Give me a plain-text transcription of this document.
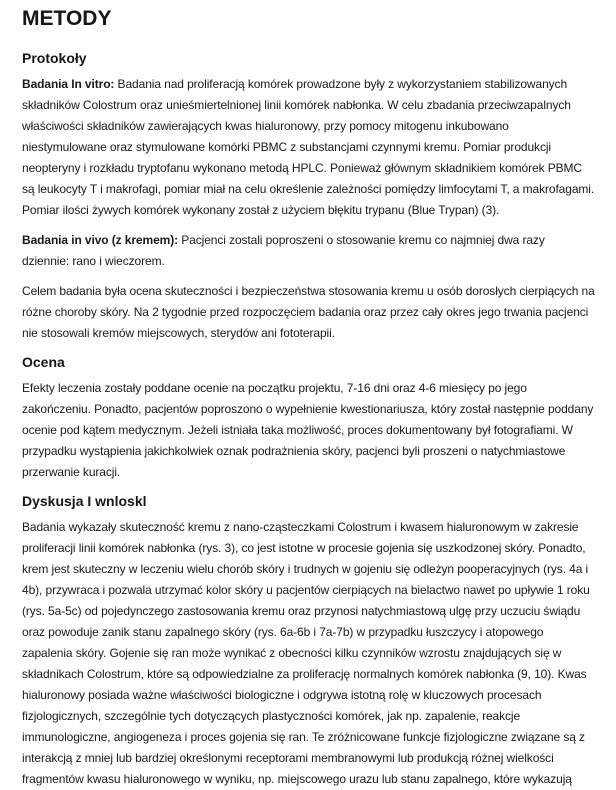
METODY
Protokoły

Badania In vitro: Badania nad proliferacją komórek prowadzone były z wykorzystaniem stabilizowanych składników Colostrum oraz unieśmiertelnionej linii komórek nabłonka. W celu zbadania przeciwzapalnych właściwości składników zawierających kwas hialuronowy, przy pomocy mitogenu inkubowano niestymulowane oraz stymulowane komórki PBMC z substancjami czynnymi kremu. Pomiar produkcji neopteryny i rozkładu tryptofanu wykonano metodą HPLC. Ponieważ głównym składnikiem komórek PBMC są leukocyty T i makrofagi, pomiar miał na celu określenie zależności pomiędzy limfocytami T, a makrofagami. Pomiar ilości żywych komórek wykonany został z użyciem błękitu trypanu (Blue Trypan) (3).

Badania in vivo (z kremem): Pacjenci zostali poproszeni o stosowanie kremu co najmniej dwa razy dziennie: rano i wieczorem.

Celem badania była ocena skuteczności i bezpieczeństwa stosowania kremu u osób dorosłych cierpiących na różne choroby skóry. Na 2 tygodnie przed rozpoczęciem badania oraz przez cały okres jego trwania pacjenci nie stosowali kremów miejscowych, sterydów ani fototerapii.

Ocena

Efekty leczenia zostały poddane ocenie na początku projektu, 7-16 dni oraz 4-6 miesięcy po jego zakończeniu. Ponadto, pacjentów poproszono o wypełnienie kwestionariusza, który został następnie poddany ocenie pod kątem medycznym. Jeżeli istniała taka możliwość, proces dokumentowany był fotografiami. W przypadku wystąpienia jakichkolwiek oznak podrażnienia skóry, pacjenci byli proszeni o natychmiastowe przerwanie kuracji.

Dyskusja I wnloskl

Badania wykazały skuteczność kremu z nano-cząsteczkami Colostrum i kwasem hialuronowym w zakresie proliferacji linii komórek nabłonka (rys. 3), co jest istotne w procesie gojenia się uszkodzonej skóry. Ponadto, krem jest skuteczny w leczeniu wielu chorób skóry i trudnych w gojeniu się odleżyn pooperacyjnych (rys. 4a i 4b), przywraca i pozwala utrzymać kolor skóry u pacjentów cierpiących na bielactwo nawet po upływie 1 roku (rys. 5a-5c) od pojedynczego zastosowania kremu oraz przynosi natychmiastową ulgę przy uczuciu świądu oraz powoduje zanik stanu zapalnego skóry (rys. 6a-6b i 7a-7b) w przypadku łuszczycy i atopowego zapalenia skóry. Gojenie się ran może wynikać z obecności kilku czynników wzrostu znajdujących się w składnikach Colostrum, które są odpowiedzialne za proliferację normalnych komórek nabłonka (9, 10). Kwas hialuronowy posiada ważne właściwości biologiczne i odgrywa istotną rolę w kluczowych procesach fizjologicznych, szczególnie tych dotyczących plastyczności komórek, jak np. zapalenie, reakcje immunologiczne, angiogeneza i proces gojenia się ran. Te zróżnicowane funkcje fizjologiczne związane są z interakcją z mniej lub bardziej określonymi receptorami membranowymi lub produkcją różnej wielkości fragmentów kwasu hialuronowego w wyniku, np. miejscowego urazu lub stanu zapalnego, które wykazują
